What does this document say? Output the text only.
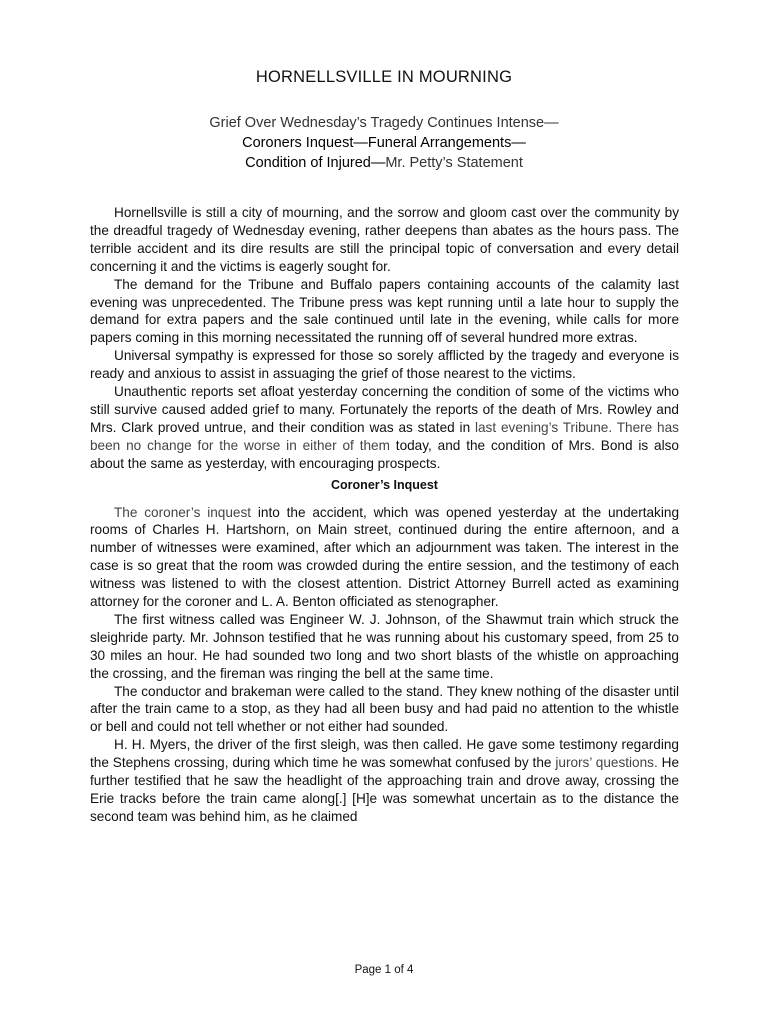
HORNELLSVILLE IN MOURNING
Grief Over Wednesday’s Tragedy Continues Intense—
Coroners Inquest—Funeral Arrangements—
Condition of Injured—Mr. Petty’s Statement

Hornellsville is still a city of mourning, and the sorrow and gloom cast over the community by the dreadful tragedy of Wednesday evening, rather deepens than abates as the hours pass. The terrible accident and its dire results are still the principal topic of conversation and every detail concerning it and the victims is eagerly sought for.

The demand for the Tribune and Buffalo papers containing accounts of the calamity last evening was unprecedented. The Tribune press was kept running until a late hour to supply the demand for extra papers and the sale continued until late in the evening, while calls for more papers coming in this morning necessitated the running off of several hundred more extras.

Universal sympathy is expressed for those so sorely afflicted by the tragedy and everyone is ready and anxious to assist in assuaging the grief of those nearest to the victims.

Unauthentic reports set afloat yesterday concerning the condition of some of the victims who still survive caused added grief to many. Fortunately the reports of the death of Mrs. Rowley and Mrs. Clark proved untrue, and their condition was as stated in last evening’s Tribune. There has been no change for the worse in either of them today, and the condition of Mrs. Bond is also about the same as yesterday, with encouraging prospects.

Coroner’s Inquest

The coroner’s inquest into the accident, which was opened yesterday at the undertaking rooms of Charles H. Hartshorn, on Main street, continued during the entire afternoon, and a number of witnesses were examined, after which an adjournment was taken. The interest in the case is so great that the room was crowded during the entire session, and the testimony of each witness was listened to with the closest attention. District Attorney Burrell acted as examining attorney for the coroner and L. A. Benton officiated as stenographer.

The first witness called was Engineer W. J. Johnson, of the Shawmut train which struck the sleighride party. Mr. Johnson testified that he was running about his customary speed, from 25 to 30 miles an hour. He had sounded two long and two short blasts of the whistle on approaching the crossing, and the fireman was ringing the bell at the same time.

The conductor and brakeman were called to the stand. They knew nothing of the disaster until after the train came to a stop, as they had all been busy and had paid no attention to the whistle or bell and could not tell whether or not either had sounded.

H. H. Myers, the driver of the first sleigh, was then called. He gave some testimony regarding the Stephens crossing, during which time he was somewhat confused by the jurors’ questions. He further testified that he saw the headlight of the approaching train and drove away, crossing the Erie tracks before the train came along[.] [H]e was somewhat uncertain as to the distance the second team was behind him, as he claimed

Page 1 of 4
